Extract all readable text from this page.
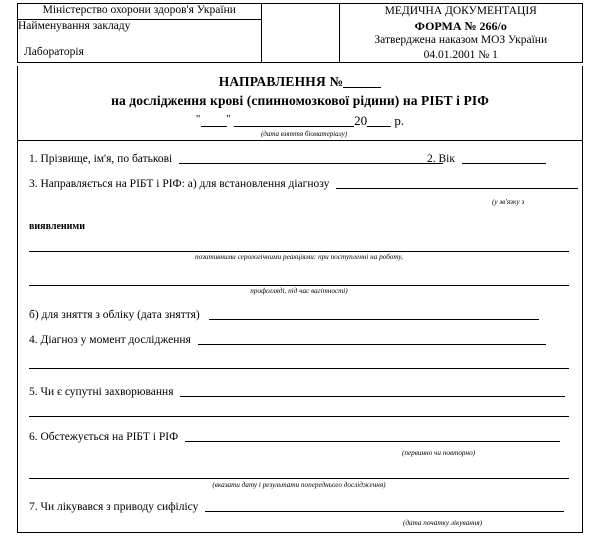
Міністерство охорони здоров'я України		МЕДИЧНА ДОКУМЕНТАЦІЯ
ФОРМА № 266/о
Затверджена наказом МОЗ України
04.01.2001 № 1

Найменування закладу
Лабораторія
НАПРАВЛЕННЯ №
на дослідження крові (спинномозкової рідини) на РІБТ і РІФ
" "	20 р.
(дата взяття біоматеріалу)
1. Прізвище, ім'я, по батькові	2. Вік
3. Направляється на РІБТ і РІФ: а) для встановлення діагнозу
(у зв'язку з
виявленими
позитивними серологічними реакціями: при поступленні на роботу,
профогляді, під час вагітності)
б) для зняття з обліку (дата зняття)
4. Діагноз у момент дослідження
5. Чи є супутні захворювання
6. Обстежується на РІБТ і РІФ
(первинно чи повторно)
(вказати дату і результати попереднього дослідження)
7. Чи лікувався з приводу сифілісу
(дата початку лікування)
